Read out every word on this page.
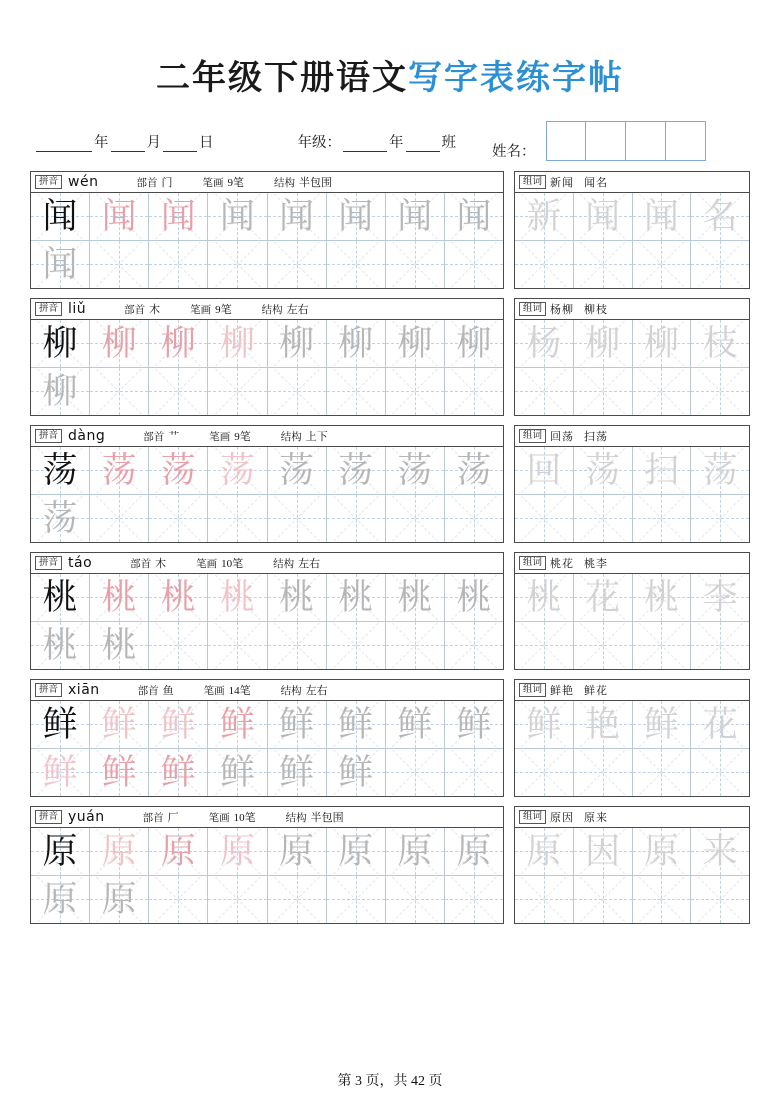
二年级下册语文写字表练字帖
年	月	日	年级：	年	班
姓名：
拼音 wén	部首 门	笔画 9笔	结构 半包围
闻 闻 闻 闻 闻 闻 闻 闻
闻
组词 新闻 闻名
新 闻 闻 名
拼音 liǔ	部首 木	笔画 9笔	结构 左右
柳 柳 柳 柳 柳 柳 柳 柳
柳
组词 杨柳 柳枝
杨 柳 柳 枝
拼音 dàng	部首 艹	笔画 9笔	结构 上下
荡 荡 荡 荡 荡 荡 荡 荡
荡
组词 回荡 扫荡
回 荡 扫 荡
拼音 táo	部首 木	笔画 10笔	结构 左右
桃 桃 桃 桃 桃 桃 桃 桃
桃 桃
组词 桃花 桃李
桃 花 桃 李
拼音 xiān	部首 鱼	笔画 14笔	结构 左右
鲜 鲜 鲜 鲜 鲜 鲜 鲜 鲜
鲜 鲜 鲜 鲜 鲜 鲜
组词 鲜艳 鲜花
鲜 艳 鲜 花
拼音 yuán	部首 厂	笔画 10笔	结构 半包围
原 原 原 原 原 原 原 原
原 原
组词 原因 原来
原 因 原 来
第 3 页，共 42 页
